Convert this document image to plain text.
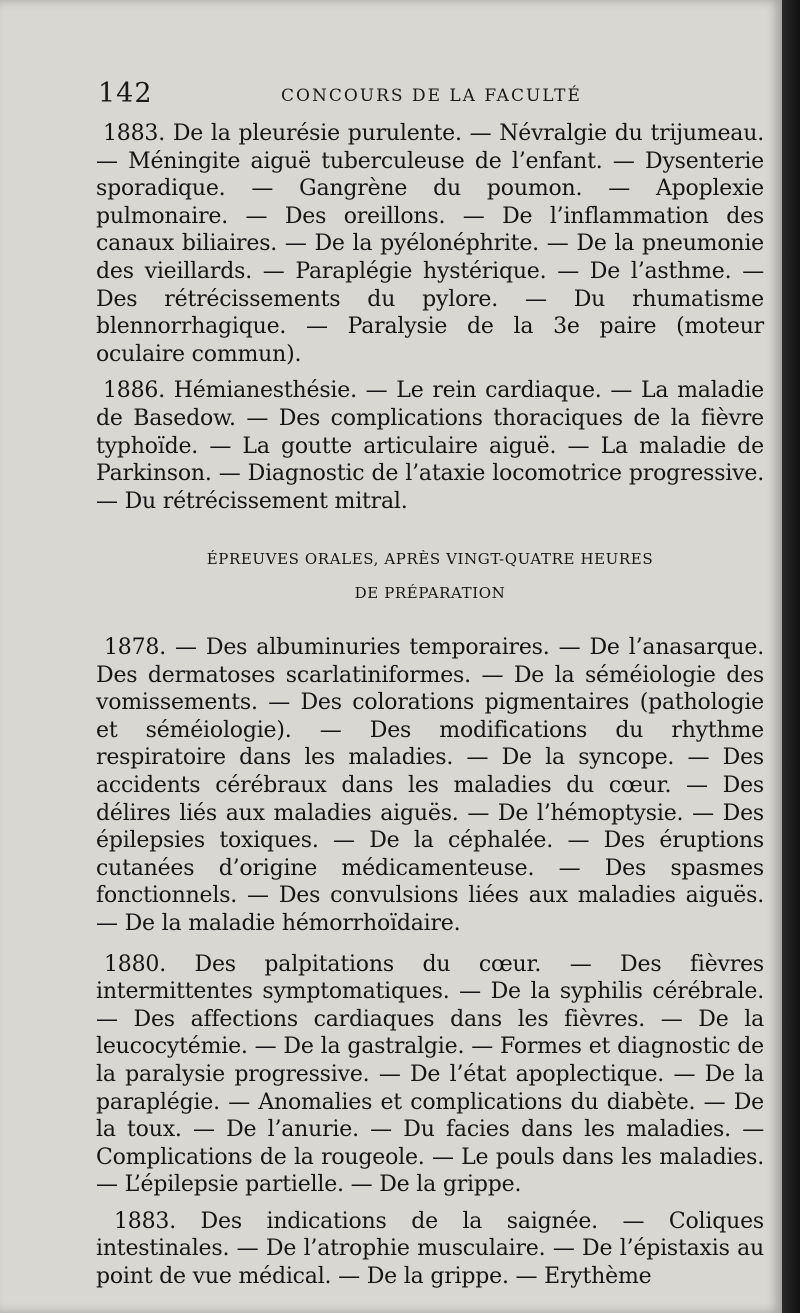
142	CONCOURS DE LA FACULTÉ

1883. De la pleurésie purulente. — Névralgie du trijumeau. — Méningite aiguë tuberculeuse de l’enfant. — Dysenterie sporadique. — Gangrène du poumon. — Apoplexie pulmonaire. — Des oreillons. — De l’inflammation des canaux biliaires. — De la pyélonéphrite. — De la pneumonie des vieillards. — Paraplégie hystérique. — De l’asthme. — Des rétrécissements du pylore. — Du rhumatisme blennorrhagique. — Paralysie de la 3e paire (moteur oculaire commun).

1886. Hémianesthésie. — Le rein cardiaque. — La maladie de Basedow. — Des complications thoraciques de la fièvre typhoïde. — La goutte articulaire aiguë. — La maladie de Parkinson. — Diagnostic de l’ataxie locomotrice progressive. — Du rétrécissement mitral.

ÉPREUVES ORALES, APRÈS VINGT-QUATRE HEURES
DE PRÉPARATION

1878. — Des albuminuries temporaires. — De l’anasarque. Des dermatoses scarlatiniformes. — De la séméiologie des vomissements. — Des colorations pigmentaires (pathologie et séméiologie). — Des modifications du rhythme respiratoire dans les maladies. — De la syncope. — Des accidents cérébraux dans les maladies du cœur. — Des délires liés aux maladies aiguës. — De l’hémoptysie. — Des épilepsies toxiques. — De la céphalée. — Des éruptions cutanées d’origine médicamenteuse. — Des spasmes fonctionnels. — Des convulsions liées aux maladies aiguës. — De la maladie hémorrhoïdaire.

1880. Des palpitations du cœur. — Des fièvres intermittentes symptomatiques. — De la syphilis cérébrale. — Des affections cardiaques dans les fièvres. — De la leucocytémie. — De la gastralgie. — Formes et diagnostic de la paralysie progressive. — De l’état apoplectique. — De la paraplégie. — Anomalies et complications du diabète. — De la toux. — De l’anurie. — Du facies dans les maladies. — Complications de la rougeole. — Le pouls dans les maladies. — L’épilepsie partielle. — De la grippe.

1883. Des indications de la saignée. — Coliques intestinales. — De l’atrophie musculaire. — De l’épistaxis au point de vue médical. — De la grippe. — Erythème
